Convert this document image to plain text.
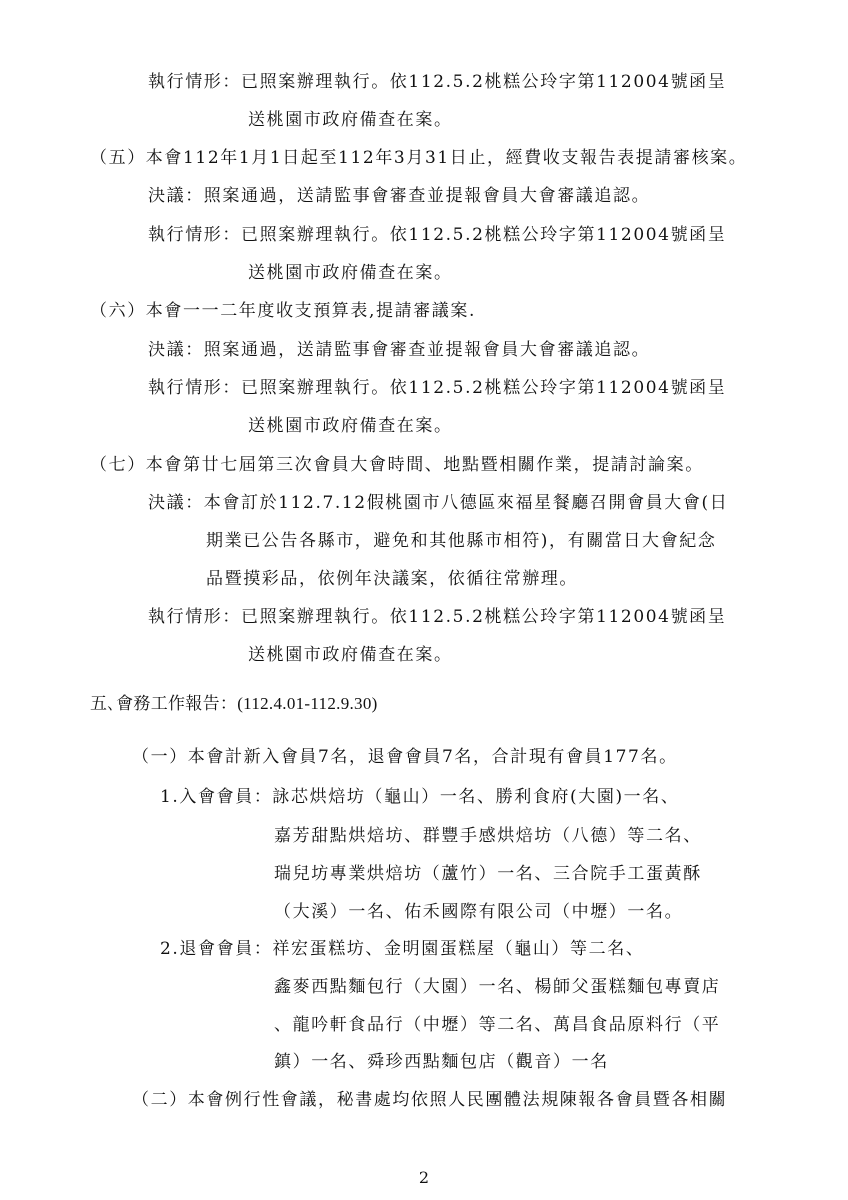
執行情形：已照案辦理執行。依112.5.2桃糕公玲字第112004號函呈
送桃園市政府備查在案。
（五）本會112年1月1日起至112年3月31日止，經費收支報告表提請審核案。
決議：照案通過，送請監事會審查並提報會員大會審議追認。
執行情形：已照案辦理執行。依112.5.2桃糕公玲字第112004號函呈
送桃園市政府備查在案。
（六）本會一一二年度收支預算表,提請審議案.
決議：照案通過，送請監事會審查並提報會員大會審議追認。
執行情形：已照案辦理執行。依112.5.2桃糕公玲字第112004號函呈
送桃園市政府備查在案。
（七）本會第廿七屆第三次會員大會時間、地點暨相關作業，提請討論案。
決議：本會訂於112.7.12假桃園市八德區來福星餐廳召開會員大會(日
期業已公告各縣市，避免和其他縣市相符)，有關當日大會紀念
品暨摸彩品，依例年決議案，依循往常辦理。
執行情形：已照案辦理執行。依112.5.2桃糕公玲字第112004號函呈
送桃園市政府備查在案。
五､會務工作報告：(112.4.01-112.9.30)
（一）本會計新入會員7名，退會會員7名，合計現有會員177名。
1.入會會員：詠芯烘焙坊（龜山）一名、勝利食府(大園)一名、
嘉芳甜點烘焙坊、群豐手感烘焙坊（八德）等二名、
瑞兒坊專業烘焙坊（蘆竹）一名、三合院手工蛋黃酥
（大溪）一名、佑禾國際有限公司（中壢）一名。
2.退會會員：祥宏蛋糕坊、金明園蛋糕屋（龜山）等二名、
鑫麥西點麵包行（大園）一名、楊師父蛋糕麵包專賣店
、龍吟軒食品行（中壢）等二名、萬昌食品原料行（平
鎮）一名、舜珍西點麵包店（觀音）一名
（二）本會例行性會議，秘書處均依照人民團體法規陳報各會員暨各相關
2
